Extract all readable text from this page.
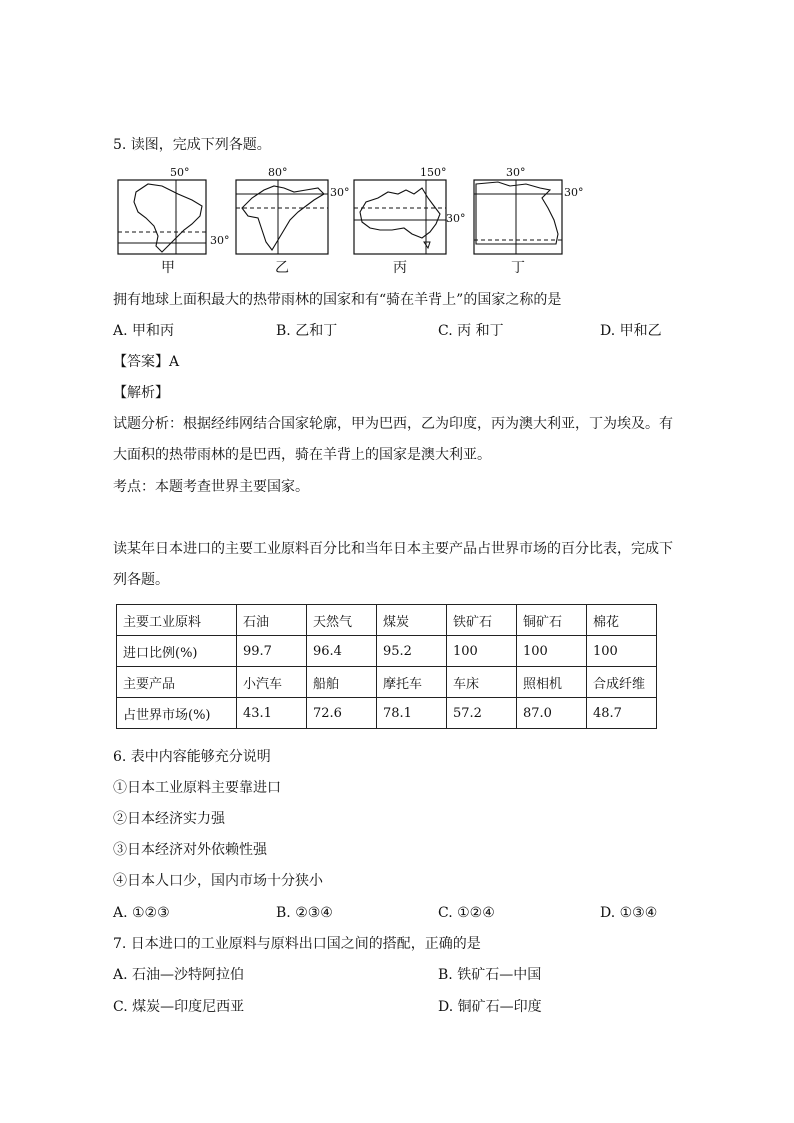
5. 读图，完成下列各题。
50°
30°
甲
80°
30°
乙
150°
30°
丙
30°
30°
丁
拥有地球上面积最大的热带雨林的国家和有“骑在羊背上”的国家之称的是
A. 甲和丙	B. 乙和丁	C. 丙 和丁	D. 甲和乙
【答案】A
【解析】
试题分析：根据经纬网结合国家轮廓，甲为巴西，乙为印度，丙为澳大利亚，丁为埃及。有大面积的热带雨林的是巴西，骑在羊背上的国家是澳大利亚。
考点：本题考查世界主要国家。
读某年日本进口的主要工业原料百分比和当年日本主要产品占世界市场的百分比表，完成下列各题。
主要工业原料	石油	天然气	煤炭	铁矿石	铜矿石	棉花
进口比例(%)	99.7	96.4	95.2	100	100	100
主要产品	小汽车	船舶	摩托车	车床	照相机	合成纤维
占世界市场(%)	43.1	72.6	78.1	57.2	87.0	48.7
6. 表中内容能够充分说明
①日本工业原料主要靠进口
②日本经济实力强
③日本经济对外依赖性强
④日本人口少，国内市场十分狭小
A. ①②③	B. ②③④	C. ①②④	D. ①③④
7. 日本进口的工业原料与原料出口国之间的搭配，正确的是
A. 石油—沙特阿拉伯	B. 铁矿石—中国
C. 煤炭—印度尼西亚	D. 铜矿石—印度
